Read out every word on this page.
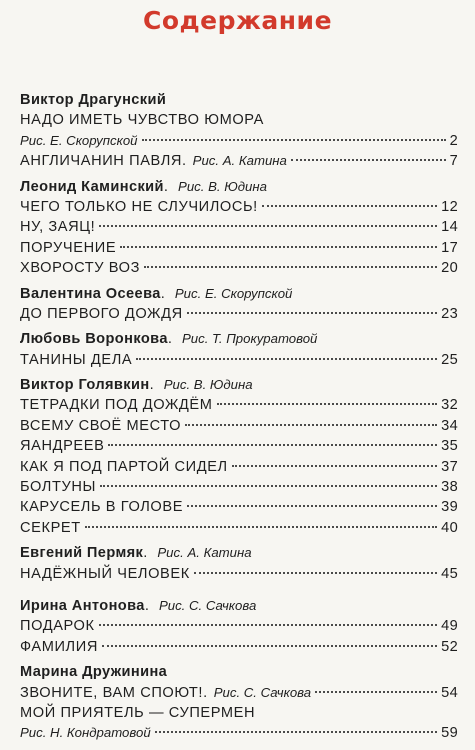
Содержание
Виктор Драгунский
НАДО ИМЕТЬ ЧУВСТВО ЮМОРА
Рис. Е. Скорупской	2
АНГЛИЧАНИН ПАВЛЯ. Рис. А. Катина	7
Леонид Каминский. Рис. В. Юдина
ЧЕГО ТОЛЬКО НЕ СЛУЧИЛОСЬ!	12
НУ, ЗАЯЦ!	14
ПОРУЧЕНИЕ	17
ХВОРОСТУ ВОЗ	20
Валентина Осеева. Рис. Е. Скорупской
ДО ПЕРВОГО ДОЖДЯ	23
Любовь Воронкова. Рис. Т. Прокуратовой
ТАНИНЫ ДЕЛА	25
Виктор Голявкин. Рис. В. Юдина
ТЕТРАДКИ ПОД ДОЖДЁМ	32
ВСЕМУ СВОЁ МЕСТО	34
ЯАНДРЕЕВ	35
КАК Я ПОД ПАРТОЙ СИДЕЛ	37
БОЛТУНЫ	38
КАРУСЕЛЬ В ГОЛОВЕ	39
СЕКРЕТ	40
Евгений Пермяк. Рис. А. Катина
НАДЁЖНЫЙ ЧЕЛОВЕК	45
Ирина Антонова. Рис. С. Сачкова
ПОДАРОК	49
ФАМИЛИЯ	52
Марина Дружинина
ЗВОНИТЕ, ВАМ СПОЮТ!. Рис. С. Сачкова	54
МОЙ ПРИЯТЕЛЬ — СУПЕРМЕН
Рис. Н. Кондратовой	59
